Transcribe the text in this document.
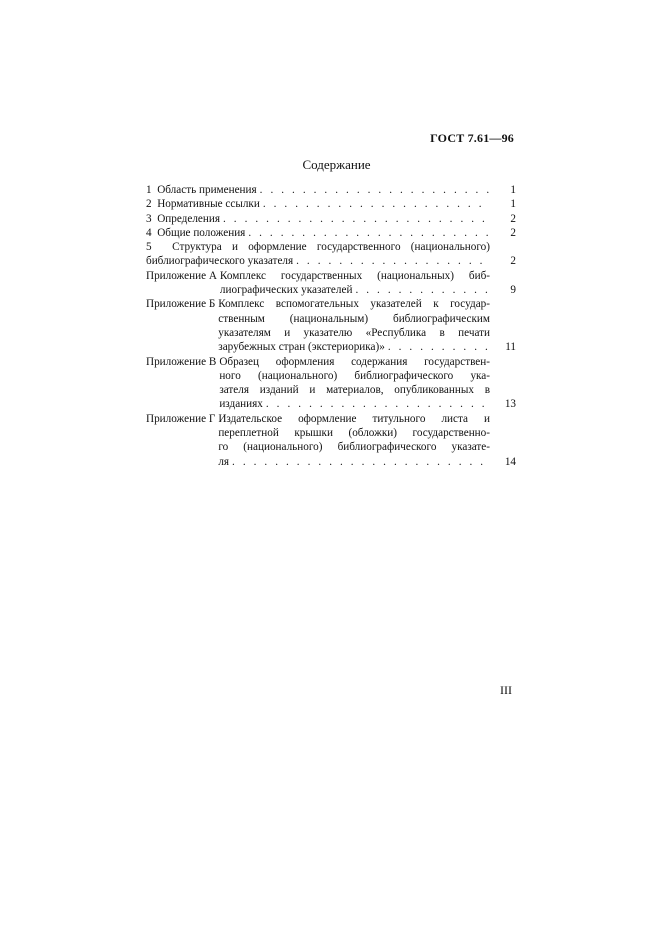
ГОСТ 7.61—96
Содержание
1 Область применения . . .	1
2 Нормативные ссылки . . .	1
3 Определения . . .	2
4 Общие положения . . .	2
5 Структура и оформление государственного (национального)
библиографического указателя . . .	2
Приложение А Комплекс государственных (национальных) биб-
лиографических указателей . . .	9
Приложение Б Комплекс вспомогательных указателей к государ-
ственным (национальным) библиографическим
указателям и указателю «Республика в печати
зарубежных стран (экстериорика)» . . .	11
Приложение В Образец оформления содержания государствен-
ного (национального) библиографического ука-
зателя изданий и материалов, опубликованных в
изданиях . . .	13
Приложение Г Издательское оформление титульного листа и
переплетной крышки (обложки) государственно-
го (национального) библиографического указате-
ля . . .	14
III
